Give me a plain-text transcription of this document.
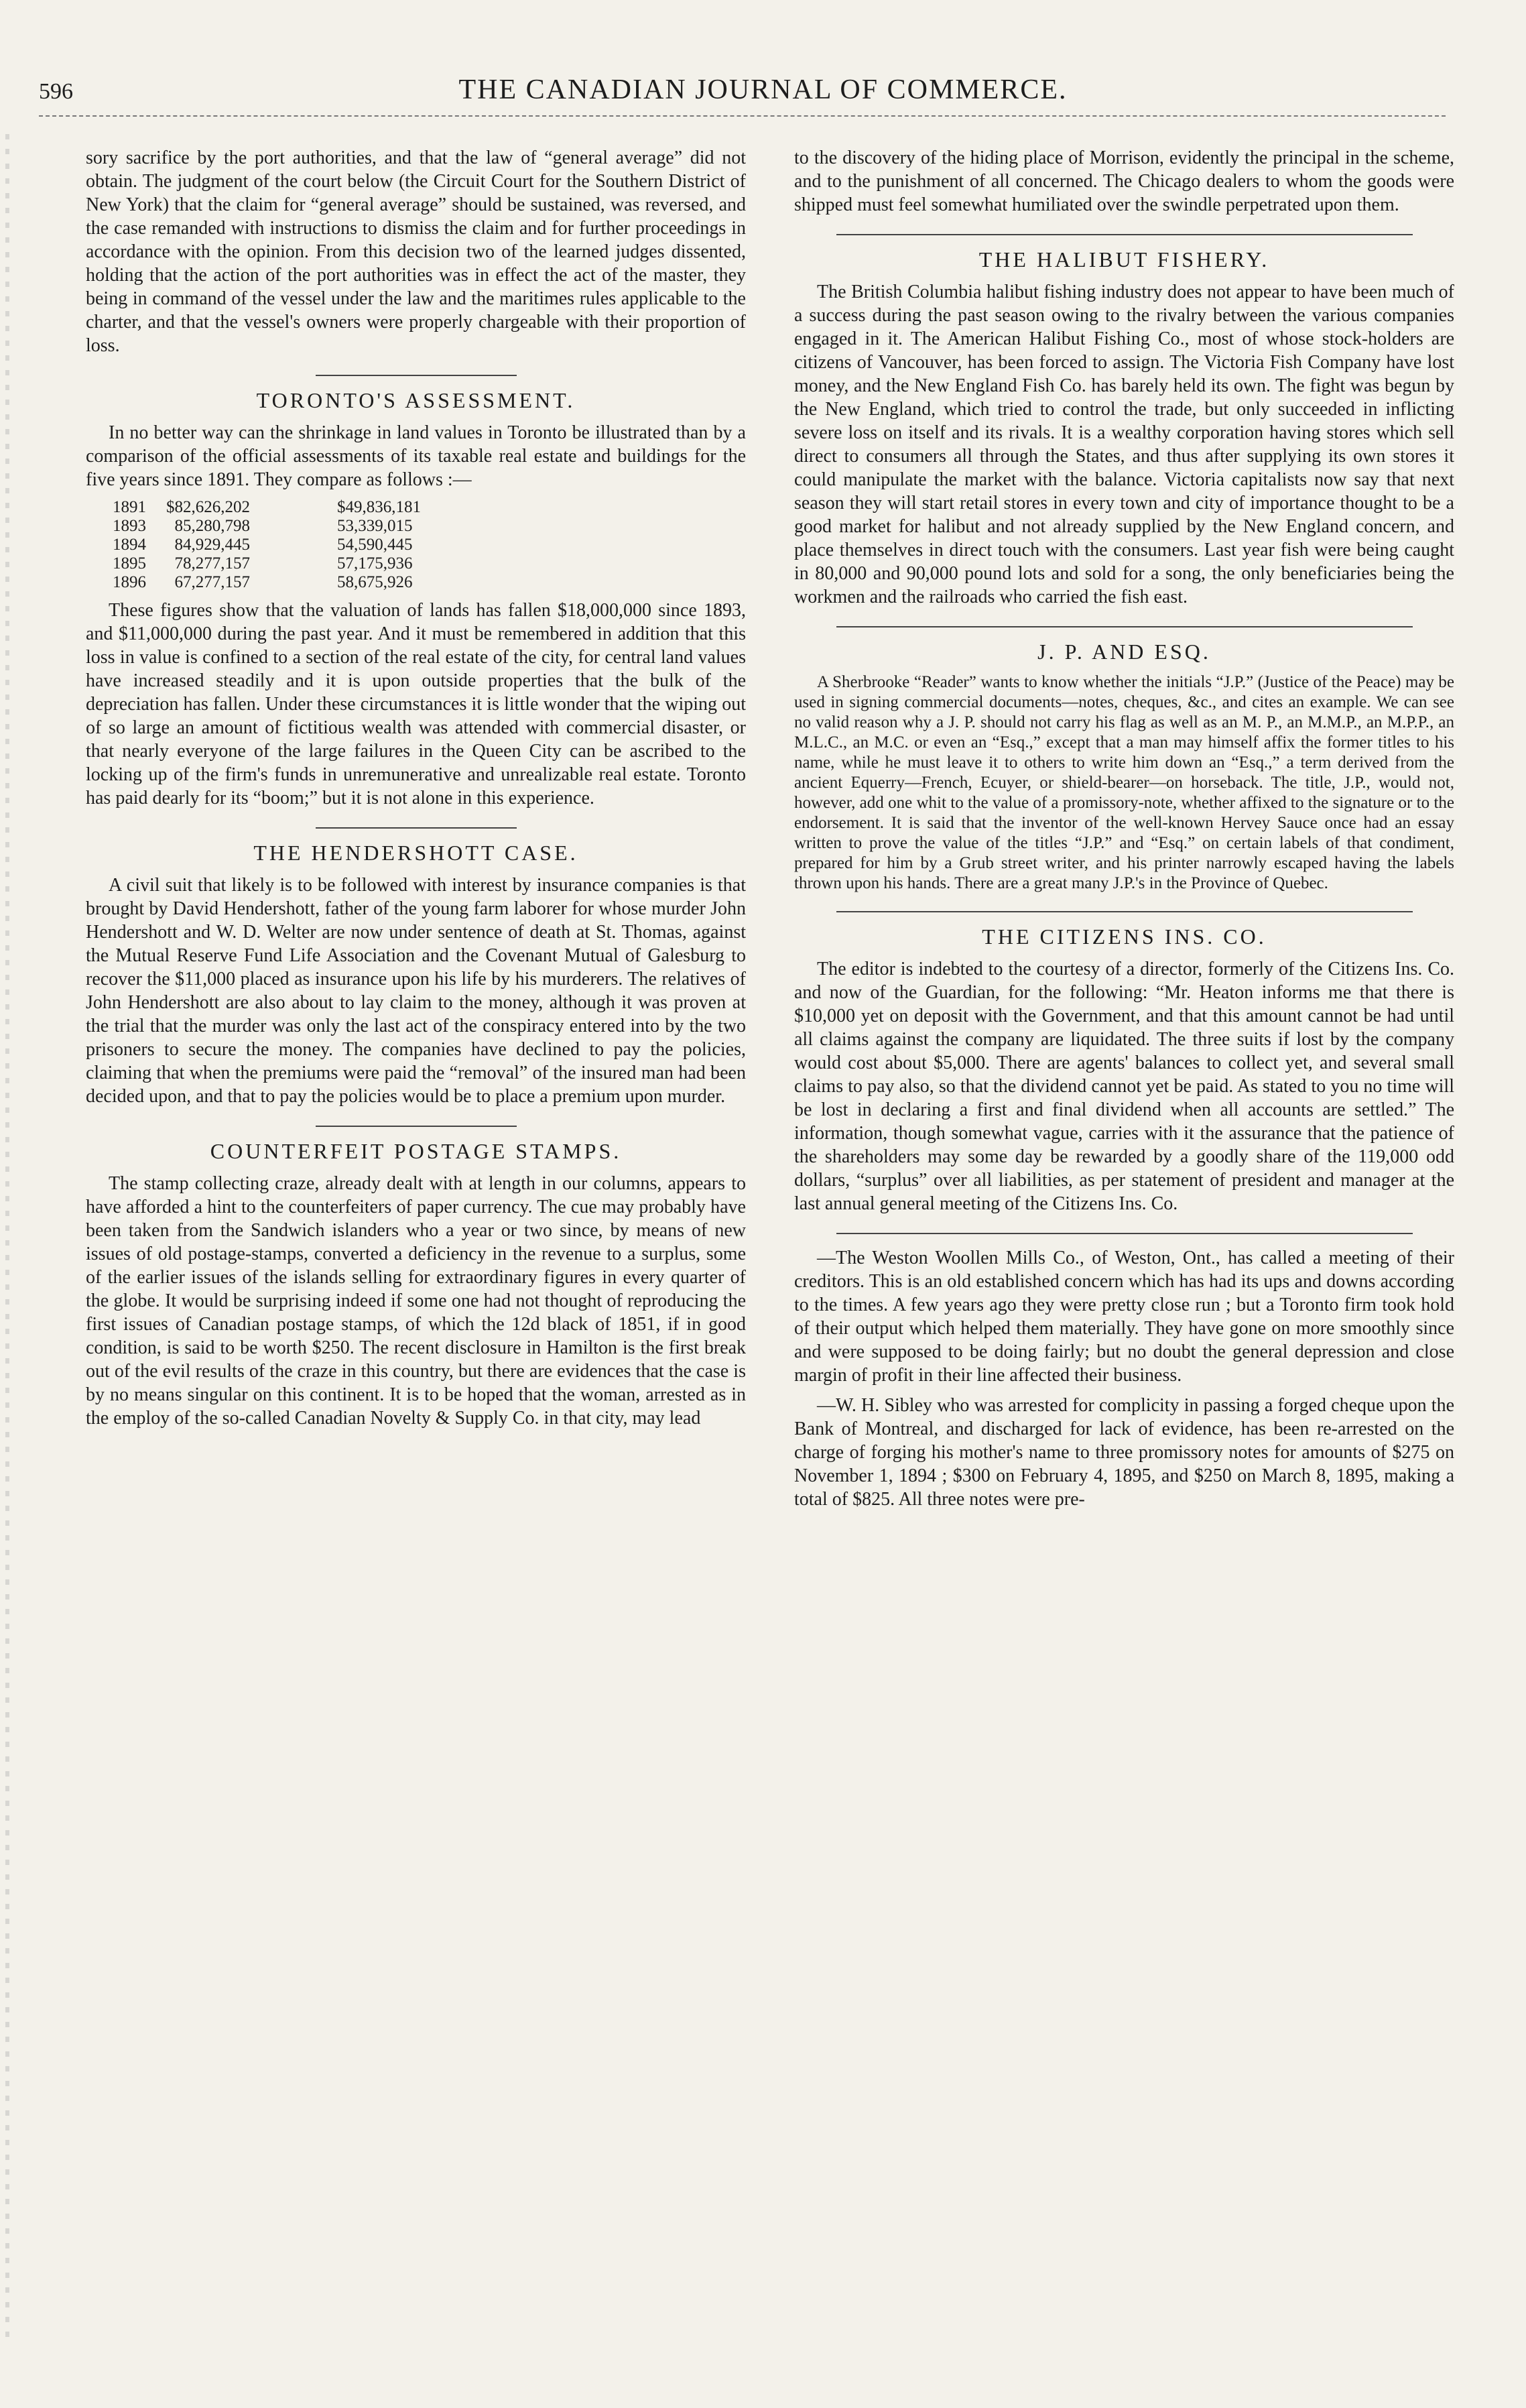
596	THE CANADIAN JOURNAL OF COMMERCE.

sory sacrifice by the port authorities, and that the law of “general average” did not obtain. The judgment of the court below (the Circuit Court for the Southern District of New York) that the claim for “general average” should be sustained, was reversed, and the case remanded with instructions to dismiss the claim and for further proceedings in accordance with the opinion. From this decision two of the learned judges dissented, holding that the action of the port authorities was in effect the act of the master, they being in command of the vessel under the law and the maritimes rules applicable to the charter, and that the vessel's owners were properly chargeable with their proportion of loss.

TORONTO'S ASSESSMENT.

In no better way can the shrinkage in land values in Toronto be illustrated than by a comparison of the official assessments of its taxable real estate and buildings for the five years since 1891. They compare as follows :—

1891	$82,626,202	$49,836,181
1893	85,280,798	53,339,015
1894	84,929,445	54,590,445
1895	78,277,157	57,175,936
1896	67,277,157	58,675,926

These figures show that the valuation of lands has fallen $18,000,000 since 1893, and $11,000,000 during the past year. And it must be remembered in addition that this loss in value is confined to a section of the real estate of the city, for central land values have increased steadily and it is upon outside properties that the bulk of the depreciation has fallen. Under these circumstances it is little wonder that the wiping out of so large an amount of fictitious wealth was attended with commercial disaster, or that nearly everyone of the large failures in the Queen City can be ascribed to the locking up of the firm's funds in unremunerative and unrealizable real estate. Toronto has paid dearly for its “boom;” but it is not alone in this experience.

THE HENDERSHOTT CASE.

A civil suit that likely is to be followed with interest by insurance companies is that brought by David Hendershott, father of the young farm laborer for whose murder John Hendershott and W. D. Welter are now under sentence of death at St. Thomas, against the Mutual Reserve Fund Life Association and the Covenant Mutual of Galesburg to recover the $11,000 placed as insurance upon his life by his murderers. The relatives of John Hendershott are also about to lay claim to the money, although it was proven at the trial that the murder was only the last act of the conspiracy entered into by the two prisoners to secure the money. The companies have declined to pay the policies, claiming that when the premiums were paid the “removal” of the insured man had been decided upon, and that to pay the policies would be to place a premium upon murder.

COUNTERFEIT POSTAGE STAMPS.

The stamp collecting craze, already dealt with at length in our columns, appears to have afforded a hint to the counterfeiters of paper currency. The cue may probably have been taken from the Sandwich islanders who a year or two since, by means of new issues of old postage-stamps, converted a deficiency in the revenue to a surplus, some of the earlier issues of the islands selling for extraordinary figures in every quarter of the globe. It would be surprising indeed if some one had not thought of reproducing the first issues of Canadian postage stamps, of which the 12d black of 1851, if in good condition, is said to be worth $250. The recent disclosure in Hamilton is the first break out of the evil results of the craze in this country, but there are evidences that the case is by no means singular on this continent. It is to be hoped that the woman, arrested as in the employ of the so-called Canadian Novelty & Supply Co. in that city, may lead

to the discovery of the hiding place of Morrison, evidently the principal in the scheme, and to the punishment of all concerned. The Chicago dealers to whom the goods were shipped must feel somewhat humiliated over the swindle perpetrated upon them.

THE HALIBUT FISHERY.

The British Columbia halibut fishing industry does not appear to have been much of a success during the past season owing to the rivalry between the various companies engaged in it. The American Halibut Fishing Co., most of whose stock-holders are citizens of Vancouver, has been forced to assign. The Victoria Fish Company have lost money, and the New England Fish Co. has barely held its own. The fight was begun by the New England, which tried to control the trade, but only succeeded in inflicting severe loss on itself and its rivals. It is a wealthy corporation having stores which sell direct to consumers all through the States, and thus after supplying its own stores it could manipulate the market with the balance. Victoria capitalists now say that next season they will start retail stores in every town and city of importance thought to be a good market for halibut and not already supplied by the New England concern, and place themselves in direct touch with the consumers. Last year fish were being caught in 80,000 and 90,000 pound lots and sold for a song, the only beneficiaries being the workmen and the railroads who carried the fish east.

J. P. AND ESQ.

A Sherbrooke “Reader” wants to know whether the initials “J.P.” (Justice of the Peace) may be used in signing commercial documents—notes, cheques, &c., and cites an example. We can see no valid reason why a J. P. should not carry his flag as well as an M. P., an M.M.P., an M.P.P., an M.L.C., an M.C. or even an “Esq.,” except that a man may himself affix the former titles to his name, while he must leave it to others to write him down an “Esq.,” a term derived from the ancient Equerry—French, Ecuyer, or shield-bearer—on horseback. The title, J.P., would not, however, add one whit to the value of a promissory-note, whether affixed to the signature or to the endorsement. It is said that the inventor of the well-known Hervey Sauce once had an essay written to prove the value of the titles “J.P.” and “Esq.” on certain labels of that condiment, prepared for him by a Grub street writer, and his printer narrowly escaped having the labels thrown upon his hands. There are a great many J.P.'s in the Province of Quebec.

THE CITIZENS INS. CO.

The editor is indebted to the courtesy of a director, formerly of the Citizens Ins. Co. and now of the Guardian, for the following: “Mr. Heaton informs me that there is $10,000 yet on deposit with the Government, and that this amount cannot be had until all claims against the company are liquidated. The three suits if lost by the company would cost about $5,000. There are agents' balances to collect yet, and several small claims to pay also, so that the dividend cannot yet be paid. As stated to you no time will be lost in declaring a first and final dividend when all accounts are settled.” The information, though somewhat vague, carries with it the assurance that the patience of the shareholders may some day be rewarded by a goodly share of the 119,000 odd dollars, “surplus” over all liabilities, as per statement of president and manager at the last annual general meeting of the Citizens Ins. Co.

—The Weston Woollen Mills Co., of Weston, Ont., has called a meeting of their creditors. This is an old established concern which has had its ups and downs according to the times. A few years ago they were pretty close run ; but a Toronto firm took hold of their output which helped them materially. They have gone on more smoothly since and were supposed to be doing fairly; but no doubt the general depression and close margin of profit in their line affected their business.

—W. H. Sibley who was arrested for complicity in passing a forged cheque upon the Bank of Montreal, and discharged for lack of evidence, has been re-arrested on the charge of forging his mother's name to three promissory notes for amounts of $275 on November 1, 1894 ; $300 on February 4, 1895, and $250 on March 8, 1895, making a total of $825. All three notes were pre-
